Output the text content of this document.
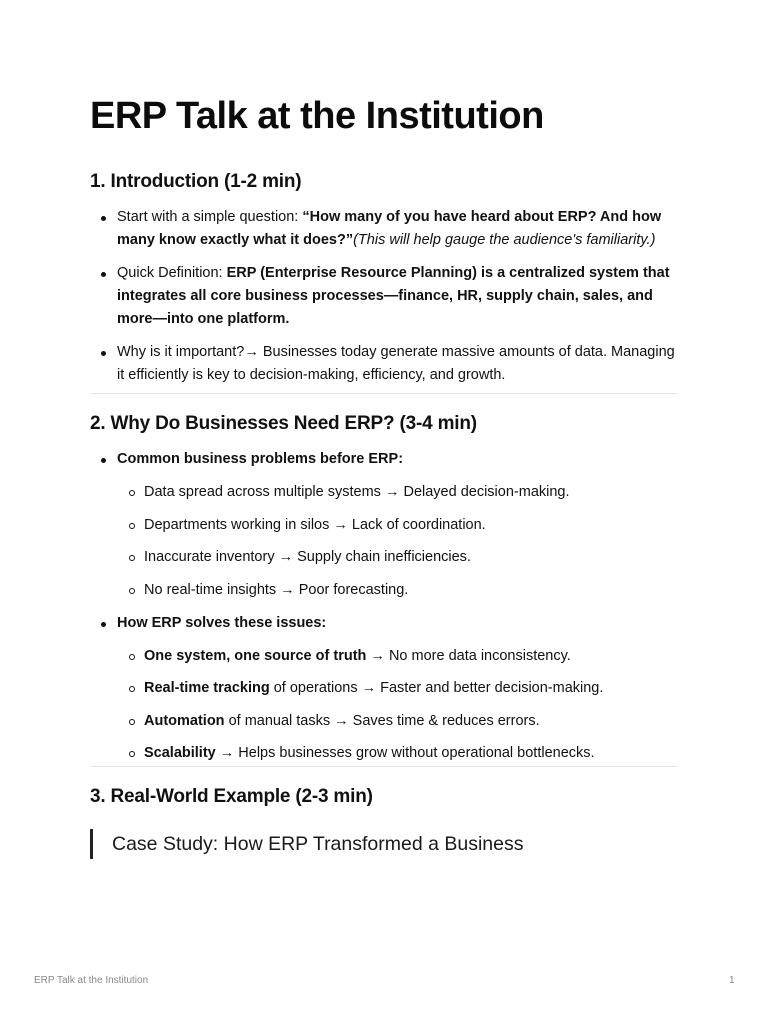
ERP Talk at the Institution
1. Introduction (1-2 min)
Start with a simple question: “How many of you have heard about ERP? And how many know exactly what it does?”(This will help gauge the audience's familiarity.)
Quick Definition: ERP (Enterprise Resource Planning) is a centralized system that integrates all core business processes—finance, HR, supply chain, sales, and more—into one platform.
Why is it important?→ Businesses today generate massive amounts of data. Managing it efficiently is key to decision-making, efficiency, and growth.
2. Why Do Businesses Need ERP? (3-4 min)
Common business problems before ERP:
Data spread across multiple systems → Delayed decision-making.
Departments working in silos → Lack of coordination.
Inaccurate inventory → Supply chain inefficiencies.
No real-time insights → Poor forecasting.
How ERP solves these issues:
One system, one source of truth → No more data inconsistency.
Real-time tracking of operations → Faster and better decision-making.
Automation of manual tasks → Saves time & reduces errors.
Scalability → Helps businesses grow without operational bottlenecks.
3. Real-World Example (2-3 min)
Case Study: How ERP Transformed a Business
ERP Talk at the Institution	1
